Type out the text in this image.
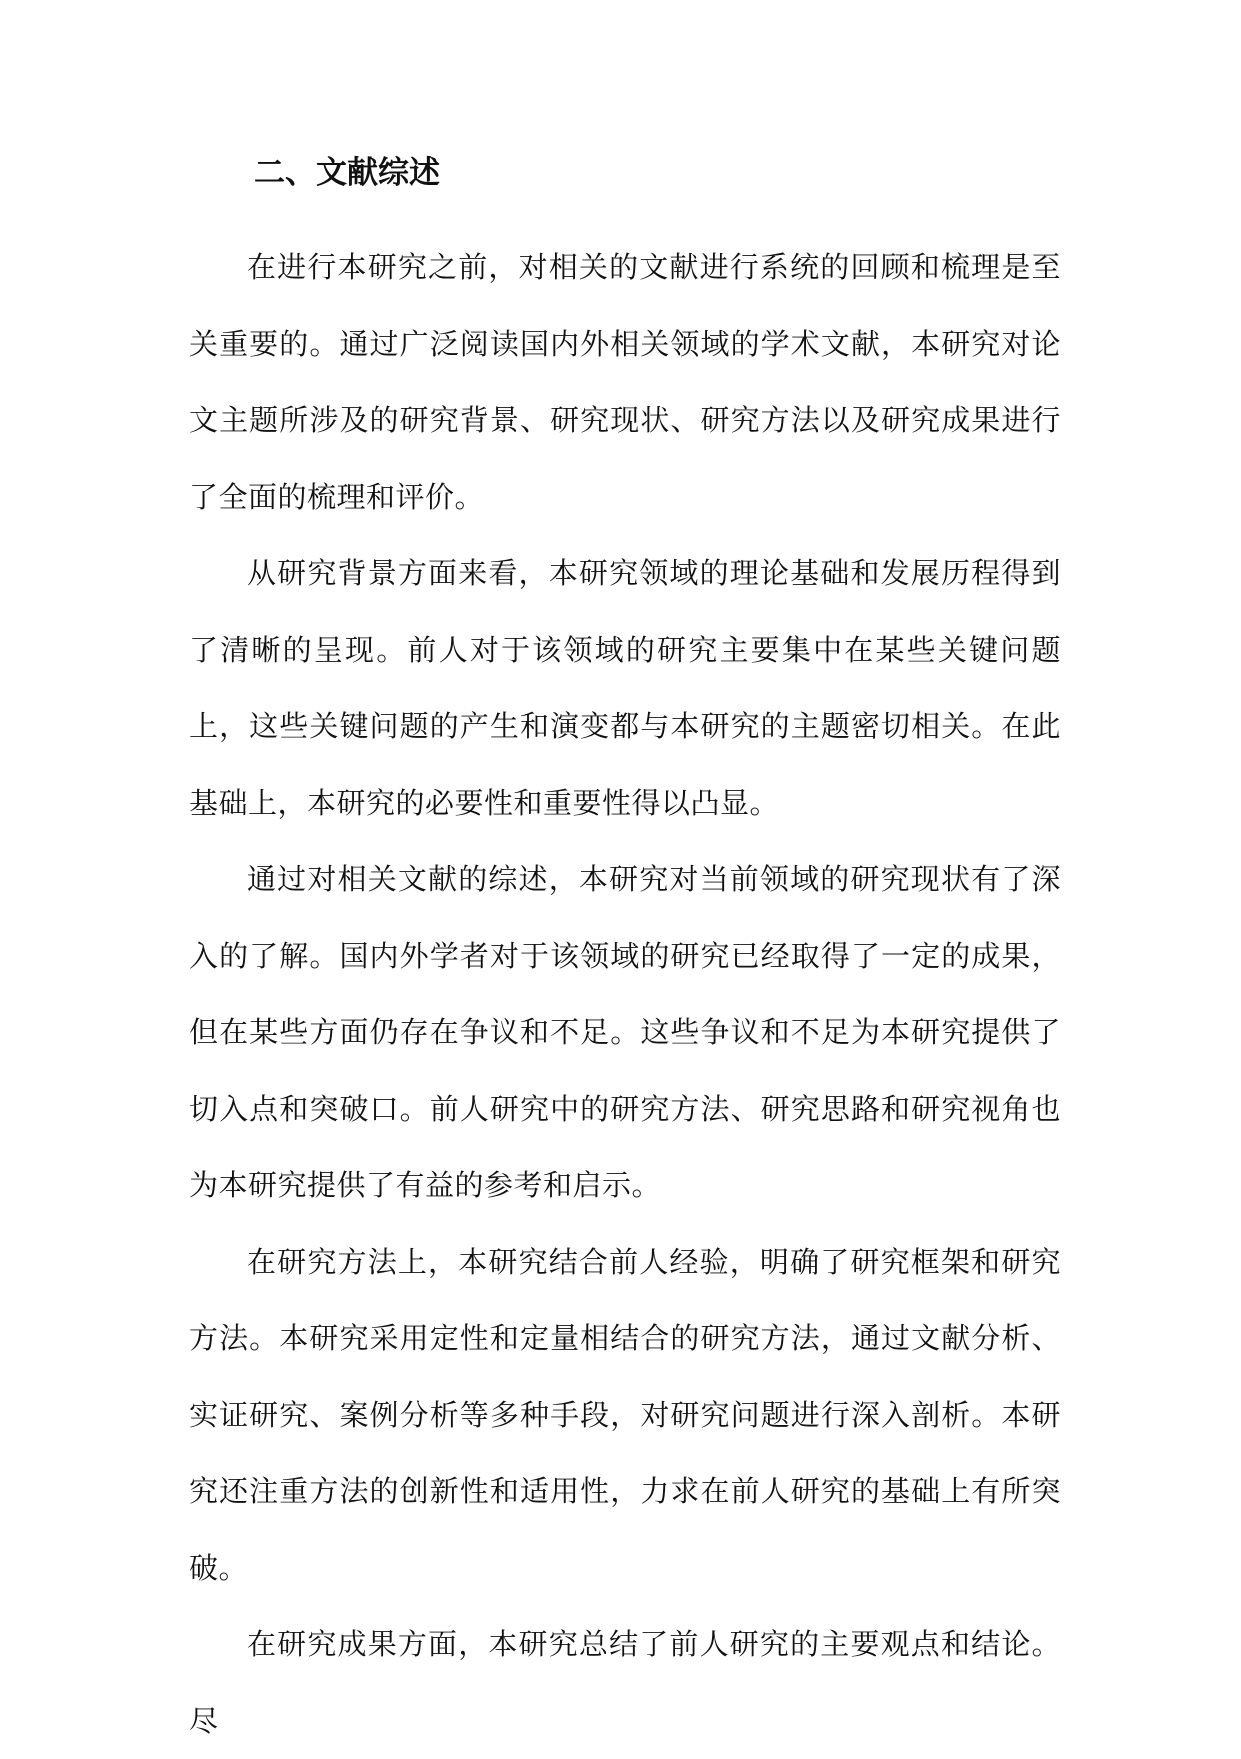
二、文献综述

在进行本研究之前，对相关的文献进行系统的回顾和梳理是至关重要的。通过广泛阅读国内外相关领域的学术文献，本研究对论文主题所涉及的研究背景、研究现状、研究方法以及研究成果进行了全面的梳理和评价。

从研究背景方面来看，本研究领域的理论基础和发展历程得到了清晰的呈现。前人对于该领域的研究主要集中在某些关键问题上，这些关键问题的产生和演变都与本研究的主题密切相关。在此基础上，本研究的必要性和重要性得以凸显。

通过对相关文献的综述，本研究对当前领域的研究现状有了深入的了解。国内外学者对于该领域的研究已经取得了一定的成果，但在某些方面仍存在争议和不足。这些争议和不足为本研究提供了切入点和突破口。前人研究中的研究方法、研究思路和研究视角也为本研究提供了有益的参考和启示。

在研究方法上，本研究结合前人经验，明确了研究框架和研究方法。本研究采用定性和定量相结合的研究方法，通过文献分析、实证研究、案例分析等多种手段，对研究问题进行深入剖析。本研究还注重方法的创新性和适用性，力求在前人研究的基础上有所突破。

在研究成果方面，本研究总结了前人研究的主要观点和结论。尽
